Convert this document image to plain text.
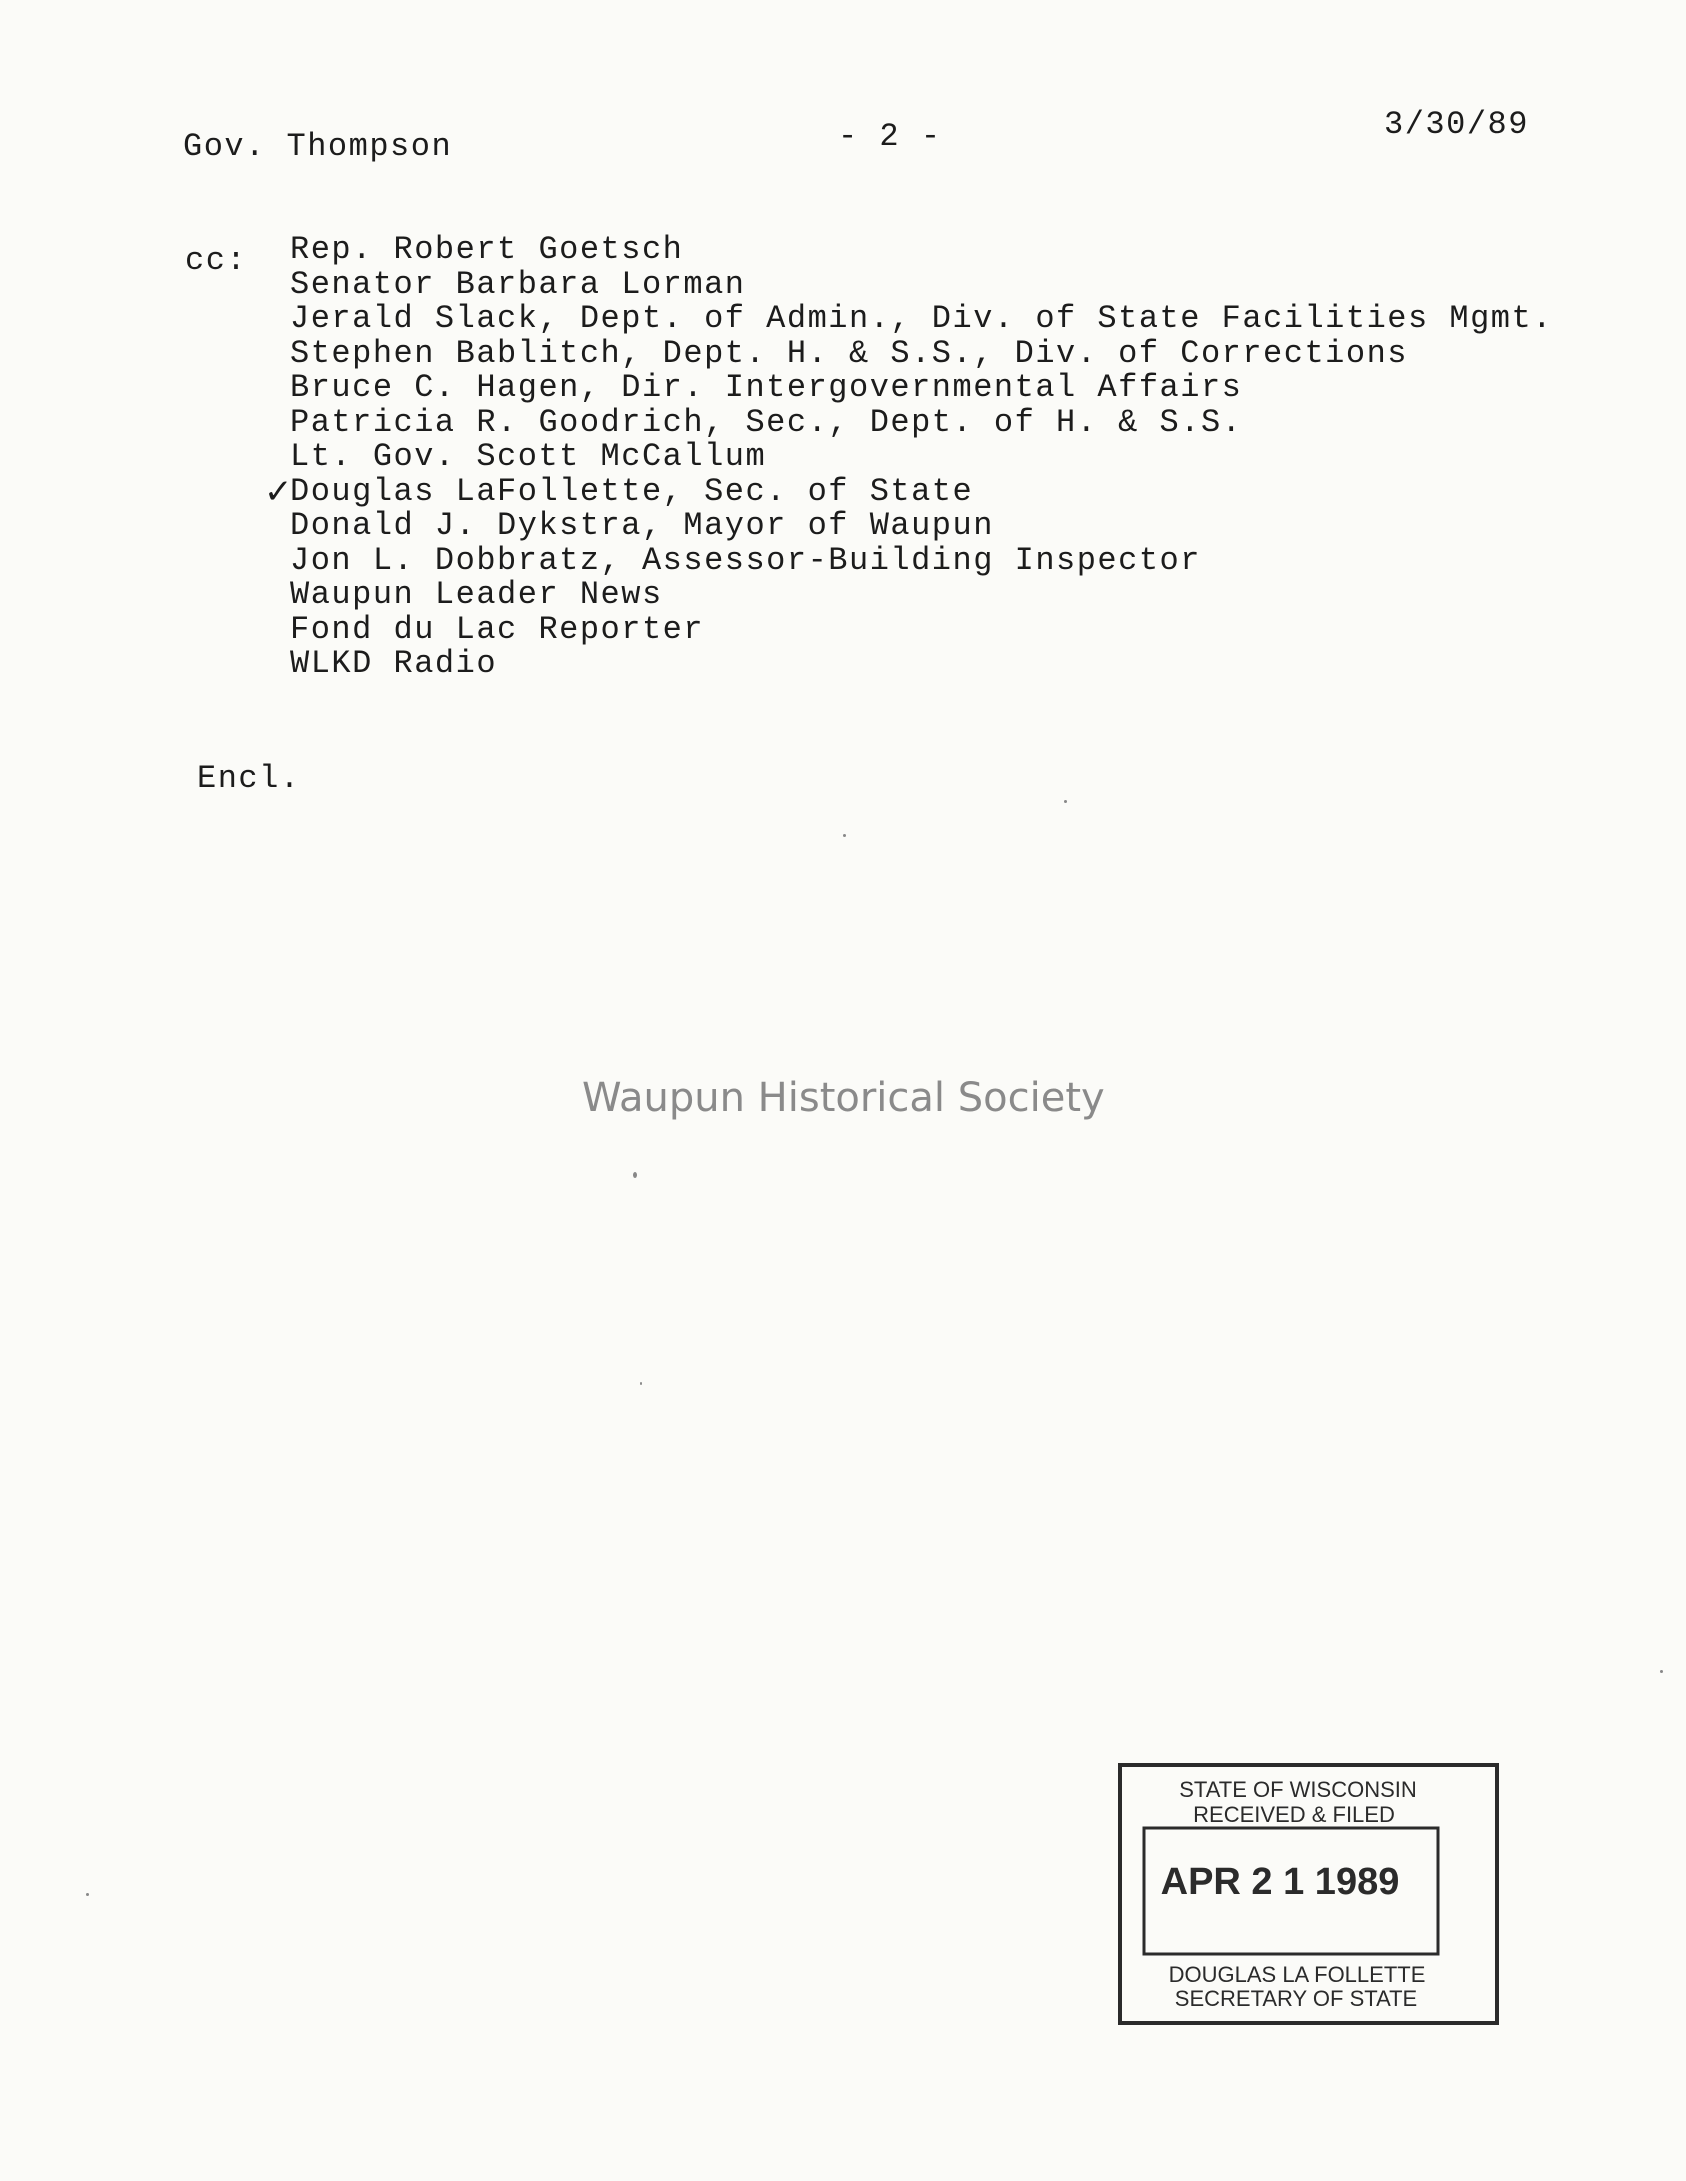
Gov. Thompson	- 2 -	3/30/89
cc: Rep. Robert Goetsch
Senator Barbara Lorman
Jerald Slack, Dept. of Admin., Div. of State Facilities Mgmt.
Stephen Bablitch, Dept. H. & S.S., Div. of Corrections
Bruce C. Hagen, Dir. Intergovernmental Affairs
Patricia R. Goodrich, Sec., Dept. of H. & S.S.
Lt. Gov. Scott McCallum
✓
Douglas LaFollette, Sec. of State
Donald J. Dykstra, Mayor of Waupun
Jon L. Dobbratz, Assessor-Building Inspector
Waupun Leader News
Fond du Lac Reporter
WLKD Radio
Encl.
Waupun Historical Society
STATE OF WISCONSIN
RECEIVED & FILED
APR 2 1 1989
DOUGLAS LA FOLLETTE
SECRETARY OF STATE
